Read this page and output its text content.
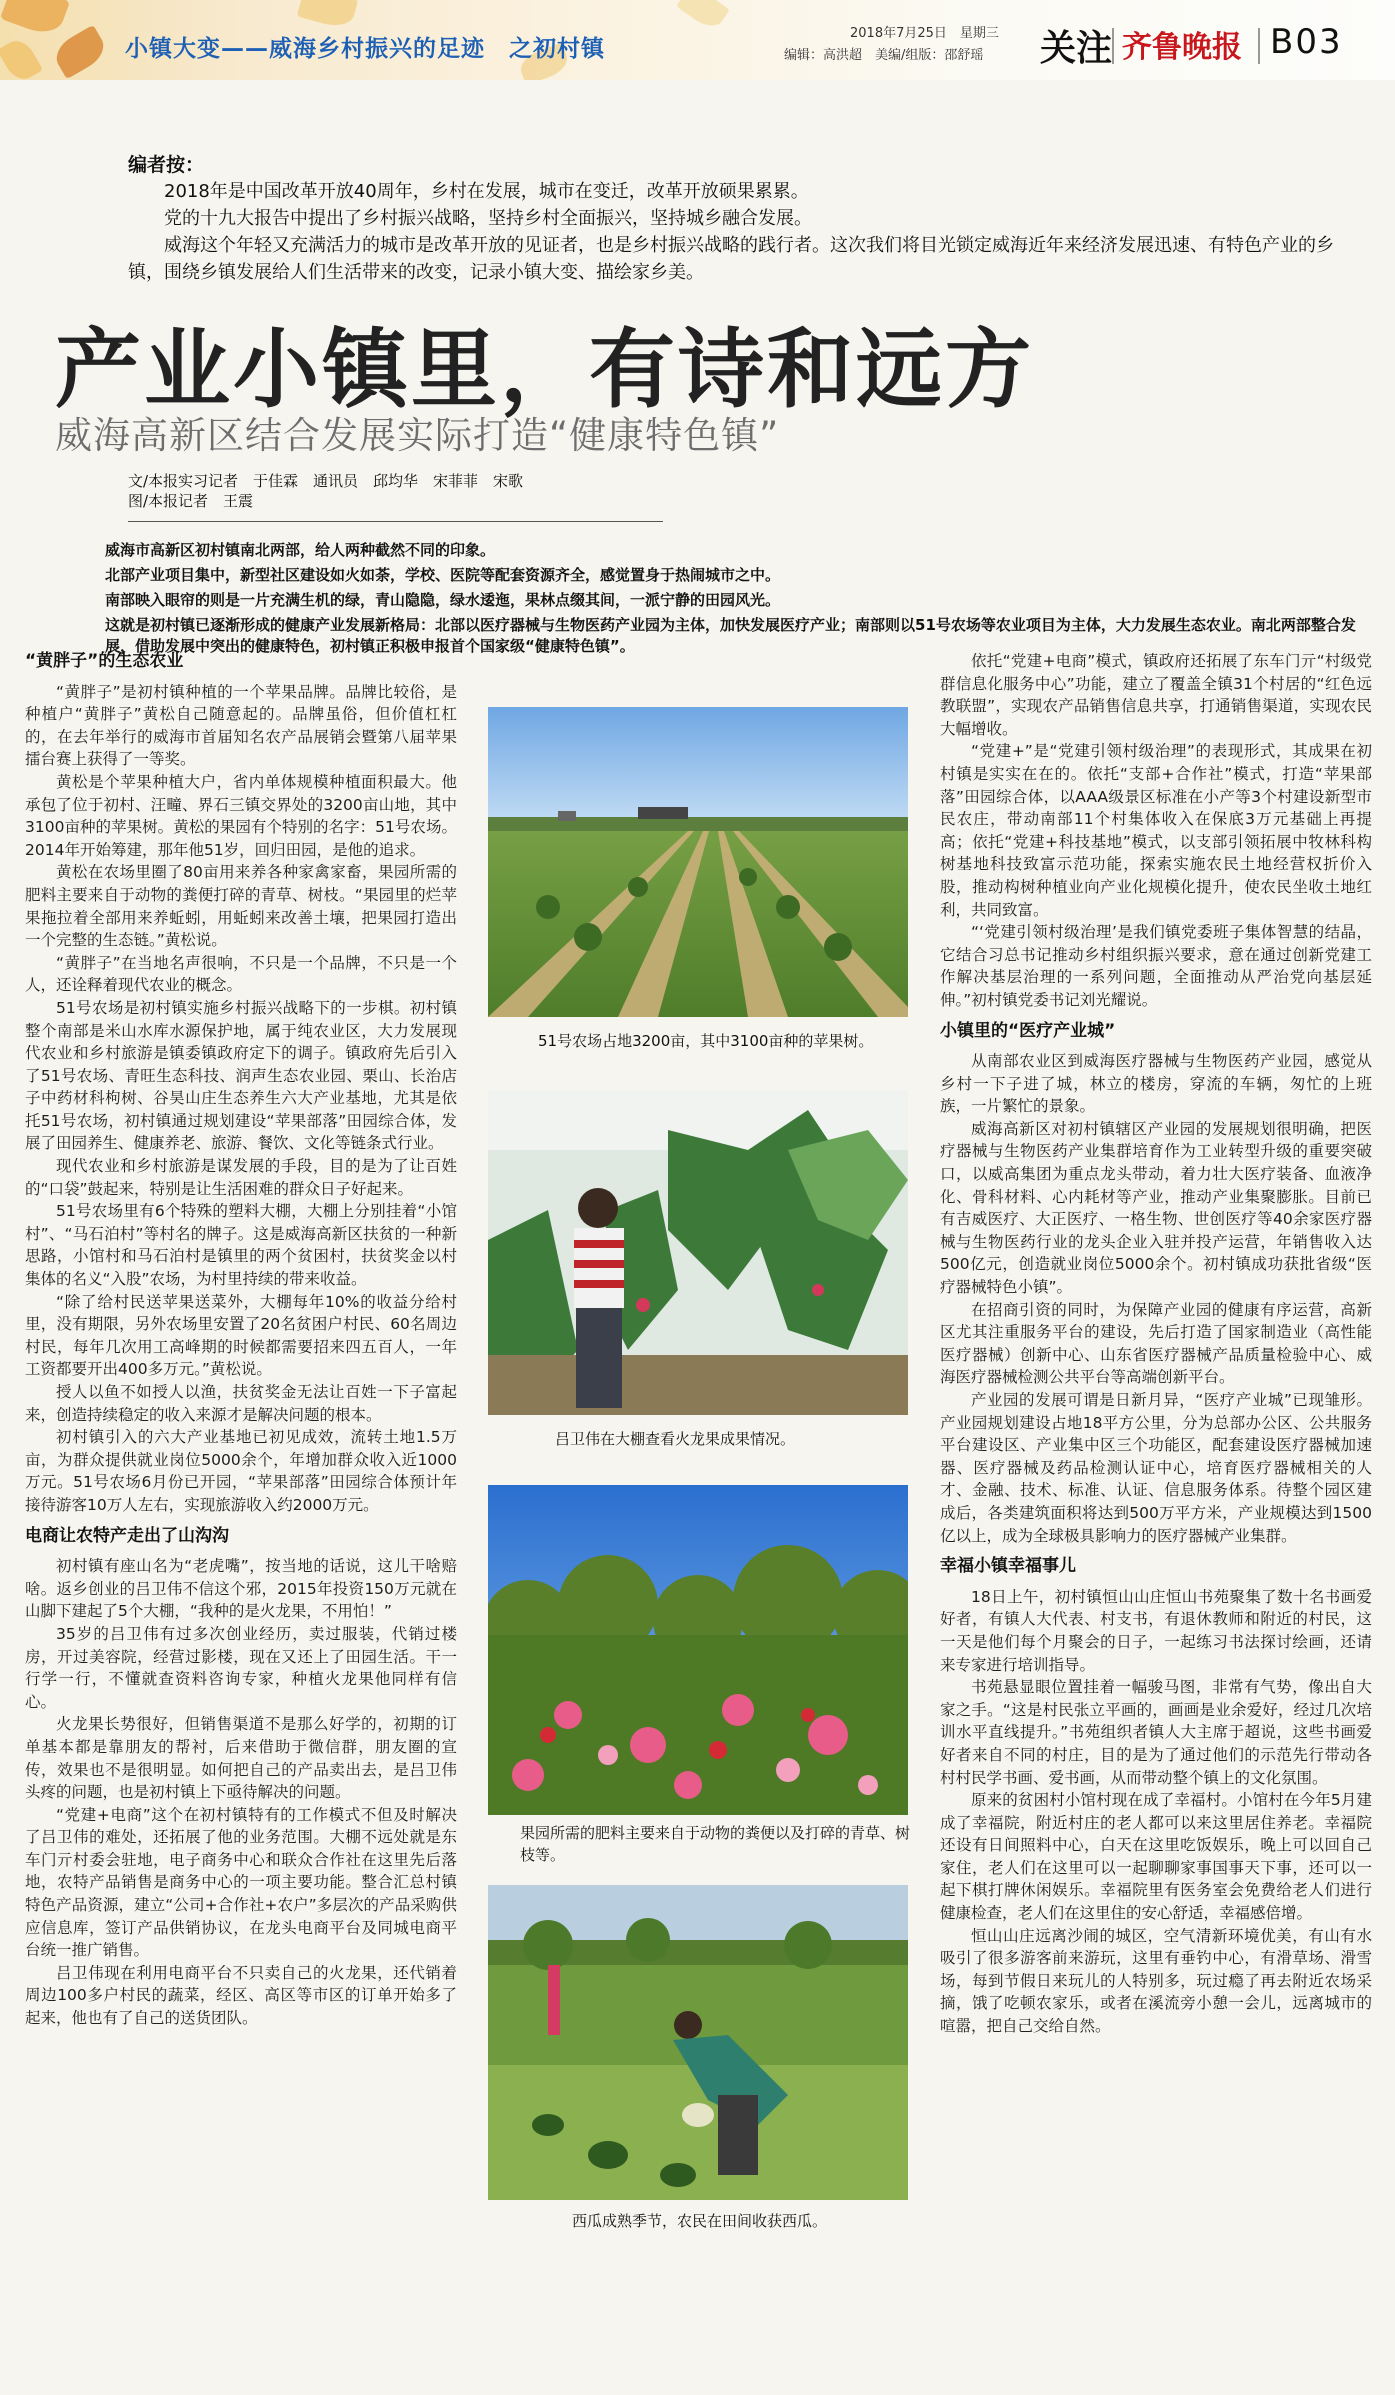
小镇大变——威海乡村振兴的足迹　之初村镇
2018年7月25日　星期三
编辑：高洪超　美编/组版：邵舒瑶 关注 齐鲁晚报 B03
编者按：
2018年是中国改革开放40周年，乡村在发展，城市在变迁，改革开放硕果累累。
党的十九大报告中提出了乡村振兴战略，坚持乡村全面振兴，坚持城乡融合发展。
威海这个年轻又充满活力的城市是改革开放的见证者，也是乡村振兴战略的践行者。这次我们将目光锁定威海近年来经济发展迅速、有特色产业的乡镇，围绕乡镇发展给人们生活带来的改变，记录小镇大变、描绘家乡美。
产业小镇里，有诗和远方
威海高新区结合发展实际打造“健康特色镇”
文/本报实习记者　于佳霖　通讯员　邱均华　宋菲菲　宋歌
图/本报记者　王震
威海市高新区初村镇南北两部，给人两种截然不同的印象。
北部产业项目集中，新型社区建设如火如荼，学校、医院等配套资源齐全，感觉置身于热闹城市之中。
南部映入眼帘的则是一片充满生机的绿，青山隐隐，绿水逶迤，果林点缀其间，一派宁静的田园风光。
这就是初村镇已逐渐形成的健康产业发展新格局：北部以医疗器械与生物医药产业园为主体，加快发展医疗产业；南部则以51号农场等农业项目为主体，大力发展生态农业。南北两部整合发展，借助发展中突出的健康特色，初村镇正积极申报首个国家级“健康特色镇”。
“黄胖子”的生态农业

“黄胖子”是初村镇种植的一个苹果品牌。品牌比较俗，是种植户“黄胖子”黄松自己随意起的。品牌虽俗，但价值杠杠的，在去年举行的威海市首届知名农产品展销会暨第八届苹果擂台赛上获得了一等奖。

黄松是个苹果种植大户，省内单体规模种植面积最大。他承包了位于初村、汪疃、界石三镇交界处的3200亩山地，其中3100亩种的苹果树。黄松的果园有个特别的名字：51号农场。2014年开始筹建，那年他51岁，回归田园，是他的追求。

黄松在农场里圈了80亩用来养各种家禽家畜，果园所需的肥料主要来自于动物的粪便打碎的青草、树枝。“果园里的烂苹果拖拉着全部用来养蚯蚓，用蚯蚓来改善土壤，把果园打造出一个完整的生态链。”黄松说。

“黄胖子”在当地名声很响，不只是一个品牌，不只是一个人，还诠释着现代农业的概念。

51号农场是初村镇实施乡村振兴战略下的一步棋。初村镇整个南部是米山水库水源保护地，属于纯农业区，大力发展现代农业和乡村旅游是镇委镇政府定下的调子。镇政府先后引入了51号农场、青旺生态科技、润声生态农业园、栗山、长治店子中药材科枸树、谷昊山庄生态养生六大产业基地，尤其是依托51号农场，初村镇通过规划建设“苹果部落”田园综合体，发展了田园养生、健康养老、旅游、餐饮、文化等链条式行业。

现代农业和乡村旅游是谋发展的手段，目的是为了让百姓的“口袋”鼓起来，特别是让生活困难的群众日子好起来。

51号农场里有6个特殊的塑料大棚，大棚上分别挂着“小馆村”、“马石泊村”等村名的牌子。这是威海高新区扶贫的一种新思路，小馆村和马石泊村是镇里的两个贫困村，扶贫奖金以村集体的名义“入股”农场，为村里持续的带来收益。

“除了给村民送苹果送菜外，大棚每年10%的收益分给村里，没有期限，另外农场里安置了20名贫困户村民、60名周边村民，每年几次用工高峰期的时候都需要招来四五百人，一年工资都要开出400多万元。”黄松说。

授人以鱼不如授人以渔，扶贫奖金无法让百姓一下子富起来，创造持续稳定的收入来源才是解决问题的根本。

初村镇引入的六大产业基地已初见成效，流转土地1.5万亩，为群众提供就业岗位5000余个，年增加群众收入近1000万元。51号农场6月份已开园，“苹果部落”田园综合体预计年接待游客10万人左右，实现旅游收入约2000万元。

电商让农特产走出了山沟沟

初村镇有座山名为“老虎嘴”，按当地的话说，这儿干啥赔啥。返乡创业的吕卫伟不信这个邪，2015年投资150万元就在山脚下建起了5个大棚，“我种的是火龙果，不用怕！”

35岁的吕卫伟有过多次创业经历，卖过服装，代销过楼房，开过美容院，经营过影楼，现在又还上了田园生活。干一行学一行，不懂就查资料咨询专家，种植火龙果他同样有信心。

火龙果长势很好，但销售渠道不是那么好学的，初期的订单基本都是靠朋友的帮衬，后来借助于微信群，朋友圈的宣传，效果也不是很明显。如何把自己的产品卖出去，是吕卫伟头疼的问题，也是初村镇上下亟待解决的问题。

“党建+电商”这个在初村镇特有的工作模式不但及时解决了吕卫伟的难处，还拓展了他的业务范围。大棚不远处就是东车门亓村委会驻地，电子商务中心和联众合作社在这里先后落地，农特产品销售是商务中心的一项主要功能。整合汇总村镇特色产品资源，建立“公司+合作社+农户”多层次的产品采购供应信息库，签订产品供销协议，在龙头电商平台及同城电商平台统一推广销售。

吕卫伟现在利用电商平台不只卖自己的火龙果，还代销着周边100多户村民的蔬菜，经区、高区等市区的订单开始多了起来，他也有了自己的送货团队。

51号农场占地3200亩，其中3100亩种的苹果树。
吕卫伟在大棚查看火龙果成果情况。
果园所需的肥料主要来自于动物的粪便以及打碎的青草、树枝等。
西瓜成熟季节，农民在田间收获西瓜。

依托“党建+电商”模式，镇政府还拓展了东车门亓“村级党群信息化服务中心”功能，建立了覆盖全镇31个村居的“红色远教联盟”，实现农产品销售信息共享，打通销售渠道，实现农民大幅增收。

“党建+”是“党建引领村级治理”的表现形式，其成果在初村镇是实实在在的。依托“支部+合作社”模式，打造“苹果部落”田园综合体，以AAA级景区标准在小产等3个村建设新型市民农庄，带动南部11个村集体收入在保底3万元基础上再提高；依托“党建+科技基地”模式，以支部引领拓展中牧林科构树基地科技致富示范功能，探索实施农民土地经营权折价入股，推动构树种植业向产业化规模化提升，使农民坐收土地红利，共同致富。

“‘党建引领村级治理’是我们镇党委班子集体智慧的结晶，它结合习总书记推动乡村组织振兴要求，意在通过创新党建工作解决基层治理的一系列问题，全面推动从严治党向基层延伸。”初村镇党委书记刘光耀说。

小镇里的“医疗产业城”

从南部农业区到威海医疗器械与生物医药产业园，感觉从乡村一下子进了城，林立的楼房，穿流的车辆，匆忙的上班族，一片繁忙的景象。

威海高新区对初村镇辖区产业园的发展规划很明确，把医疗器械与生物医药产业集群培育作为工业转型升级的重要突破口，以威高集团为重点龙头带动，着力壮大医疗装备、血液净化、骨科材料、心内耗材等产业，推动产业集聚膨胀。目前已有吉威医疗、大正医疗、一格生物、世创医疗等40余家医疗器械与生物医药行业的龙头企业入驻并投产运营，年销售收入达500亿元，创造就业岗位5000余个。初村镇成功获批省级“医疗器械特色小镇”。

在招商引资的同时，为保障产业园的健康有序运营，高新区尤其注重服务平台的建设，先后打造了国家制造业（高性能医疗器械）创新中心、山东省医疗器械产品质量检验中心、威海医疗器械检测公共平台等高端创新平台。

产业园的发展可谓是日新月异，“医疗产业城”已现雏形。产业园规划建设占地18平方公里，分为总部办公区、公共服务平台建设区、产业集中区三个功能区，配套建设医疗器械加速器、医疗器械及药品检测认证中心，培育医疗器械相关的人才、金融、技术、标准、认证、信息服务体系。待整个园区建成后，各类建筑面积将达到500万平方米，产业规模达到1500亿以上，成为全球极具影响力的医疗器械产业集群。

幸福小镇幸福事儿

18日上午，初村镇恒山山庄恒山书苑聚集了数十名书画爱好者，有镇人大代表、村支书，有退休教师和附近的村民，这一天是他们每个月聚会的日子，一起练习书法探讨绘画，还请来专家进行培训指导。

书苑悬显眼位置挂着一幅骏马图，非常有气势，像出自大家之手。“这是村民张立平画的，画画是业余爱好，经过几次培训水平直线提升。”书苑组织者镇人大主席于超说，这些书画爱好者来自不同的村庄，目的是为了通过他们的示范先行带动各村村民学书画、爱书画，从而带动整个镇上的文化氛围。

原来的贫困村小馆村现在成了幸福村。小馆村在今年5月建成了幸福院，附近村庄的老人都可以来这里居住养老。幸福院还设有日间照料中心，白天在这里吃饭娱乐，晚上可以回自己家住，老人们在这里可以一起聊聊家事国事天下事，还可以一起下棋打牌休闲娱乐。幸福院里有医务室会免费给老人们进行健康检查，老人们在这里住的安心舒适，幸福感倍增。

恒山山庄远离沙闹的城区，空气清新环境优美，有山有水吸引了很多游客前来游玩，这里有垂钓中心，有滑草场、滑雪场，每到节假日来玩儿的人特别多，玩过瘾了再去附近农场采摘，饿了吃顿农家乐，或者在溪流旁小憩一会儿，远离城市的喧嚣，把自己交给自然。
